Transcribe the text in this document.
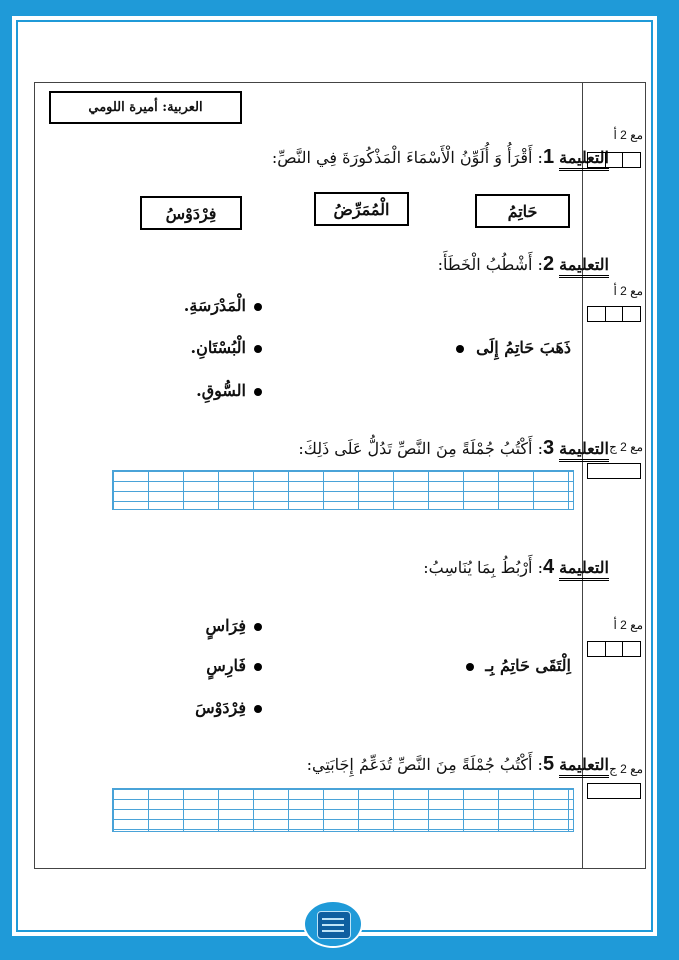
العربية: أميرة اللومي
التعليمة 1: أَقْرَأُ وَ أُلَوِّنُ الْأَسْمَاءَ الْمَذْكُورَةَ فِي النَّصِّ:
مع 2 أ
حَاتِمُ
الْمُمَرِّضُ
فِرْدَوْسُ
التعليمة 2: أَشْطُبُ الْخَطَأَ:
مع 2 أ
الْمَدْرَسَةِ.
الْبُسْتَانِ.
السُّوقِ.
ذَهَبَ حَاتِمُ إِلَى
التعليمة 3: أَكْتُبُ جُمْلَةً مِنَ النَّصِّ تَدُلُّ عَلَى ذَلِكَ:	مع 2 ج
التعليمة 4: أَرْبُطُ بِمَا يُنَاسِبُ:
مع 2 أ
فِرَاسٍ
فَارِسٍ
فِرْدَوْسَ
اِلْتَقَى حَاتِمُ بِـ
التعليمة 5: أَكْتُبُ جُمْلَةً مِنَ النَّصِّ تُدَعِّمُ إِجَابَتِي:	مع 2 ج
